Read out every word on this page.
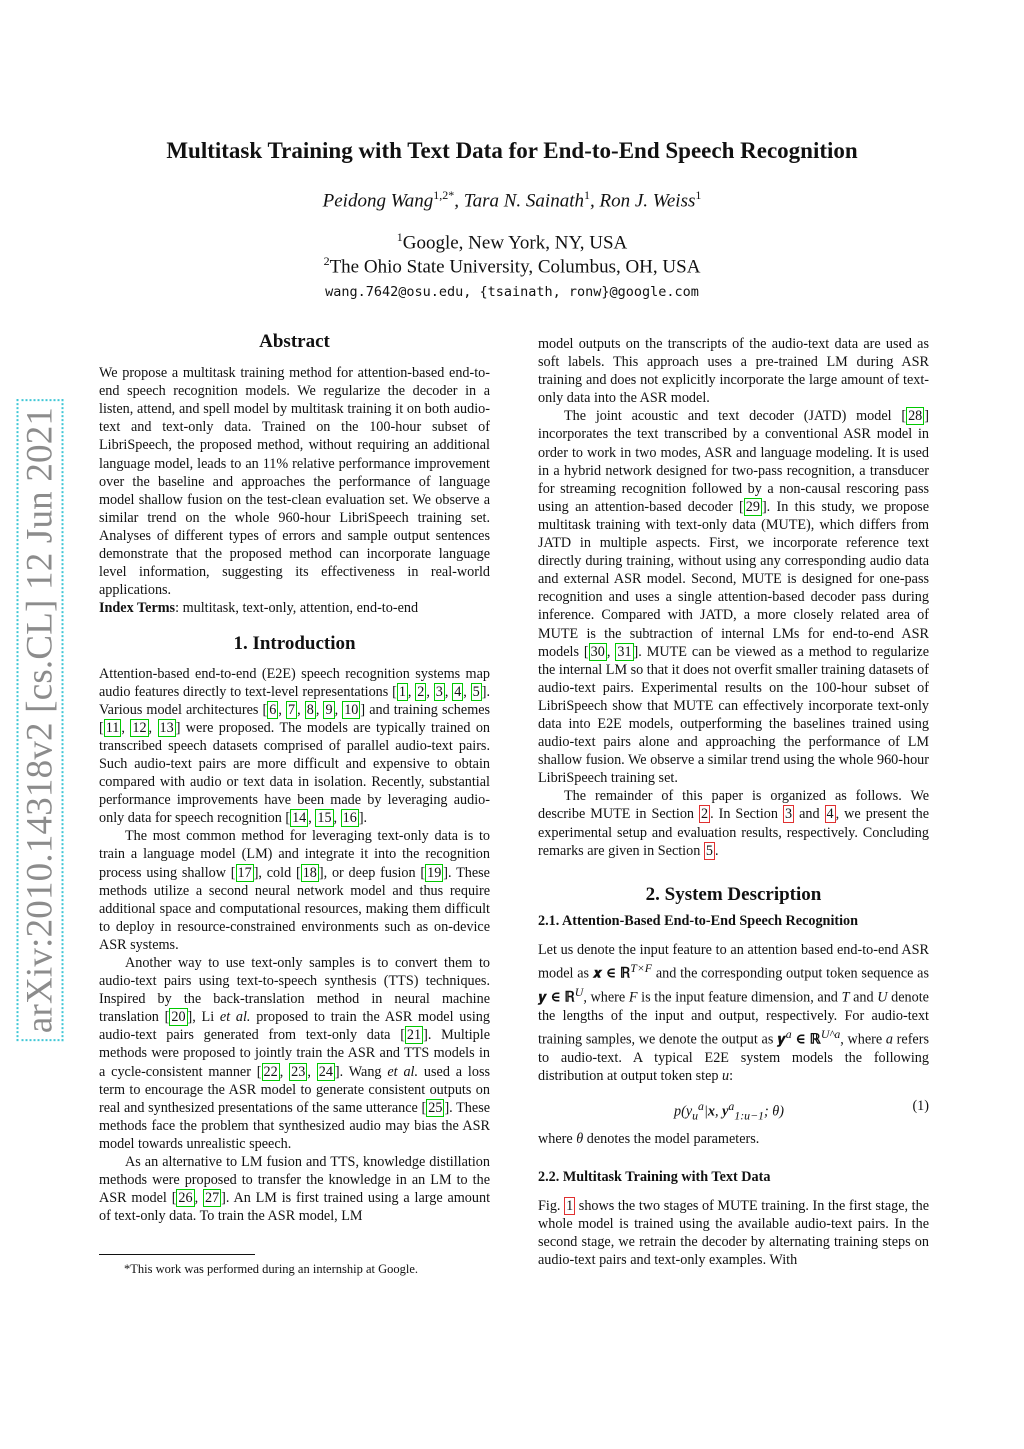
arXiv:2010.14318v2 [cs.CL] 12 Jun 2021
Multitask Training with Text Data for End-to-End Speech Recognition
Peidong Wang$^{1,2*}$, Tara N. Sainath$^1$, Ron J. Weiss$^1$
$^1$Google, New York, NY, USA
$^2$The Ohio State University, Columbus, OH, USA
wang.7642@osu.edu, {tsainath, ronw}@google.com
Abstract

We propose a multitask training method for attention-based end-to-end speech recognition models. We regularize the decoder in a listen, attend, and spell model by multitask training it on both audio-text and text-only data. Trained on the 100-hour subset of LibriSpeech, the proposed method, without requiring an additional language model, leads to an 11% relative performance improvement over the baseline and approaches the performance of language model shallow fusion on the test-clean evaluation set. We observe a similar trend on the whole 960-hour LibriSpeech training set. Analyses of different types of errors and sample output sentences demonstrate that the proposed method can incorporate language level information, suggesting its effectiveness in real-world applications.

Index Terms: multitask, text-only, attention, end-to-end

1. Introduction

Attention-based end-to-end (E2E) speech recognition systems map audio features directly to text-level representations [ 1 , 2 , 3 , 4 , 5 ]. Various model architectures [ 6 , 7 , 8 , 9 , 10 ] and training schemes [ 11 , 12 , 13 ] were proposed. The models are typically trained on transcribed speech datasets comprised of parallel audio-text pairs. Such audio-text pairs are more difficult and expensive to obtain compared with audio or text data in isolation. Recently, substantial performance improvements have been made by leveraging audio-only data for speech recognition [ 14 , 15 , 16 ].

The most common method for leveraging text-only data is to train a language model (LM) and integrate it into the recognition process using shallow [ 17 ], cold [ 18 ], or deep fusion [ 19 ]. These methods utilize a second neural network model and thus require additional space and computational resources, making them difficult to deploy in resource-constrained environments such as on-device ASR systems.

Another way to use text-only samples is to convert them to audio-text pairs using text-to-speech synthesis (TTS) techniques. Inspired by the back-translation method in neural machine translation [ 20 ], Li et al. proposed to train the ASR model using audio-text pairs generated from text-only data [ 21 ]. Multiple methods were proposed to jointly train the ASR and TTS models in a cycle-consistent manner [ 22 , 23 , 24 ]. Wang et al. used a loss term to encourage the ASR model to generate consistent outputs on real and synthesized presentations of the same utterance [ 25 ]. These methods face the problem that synthesized audio may bias the ASR model towards unrealistic speech.

As an alternative to LM fusion and TTS, knowledge distillation methods were proposed to transfer the knowledge in an LM to the ASR model [ 26 , 27 ]. An LM is first trained using a large amount of text-only data. To train the ASR model, LM

*This work was performed during an internship at Google.

model outputs on the transcripts of the audio-text data are used as soft labels. This approach uses a pre-trained LM during ASR training and does not explicitly incorporate the large amount of text-only data into the ASR model.

The joint acoustic and text decoder (JATD) model [ 28 ] incorporates the text transcribed by a conventional ASR model in order to work in two modes, ASR and language modeling. It is used in a hybrid network designed for two-pass recognition, a transducer for streaming recognition followed by a non-causal rescoring pass using an attention-based decoder [ 29 ]. In this study, we propose multitask training with text-only data (MUTE), which differs from JATD in multiple aspects. First, we incorporate reference text directly during training, without using any corresponding audio data and external ASR model. Second, MUTE is designed for one-pass recognition and uses a single attention-based decoder pass during inference. Compared with JATD, a more closely related area of MUTE is the subtraction of internal LMs for end-to-end ASR models [ 30 , 31 ]. MUTE can be viewed as a method to regularize the internal LM so that it does not overfit smaller training datasets of audio-text pairs. Experimental results on the 100-hour subset of LibriSpeech show that MUTE can effectively incorporate text-only data into E2E models, outperforming the baselines trained using audio-text pairs alone and approaching the performance of LM shallow fusion. We observe a similar trend using the whole 960-hour LibriSpeech training set.

The remainder of this paper is organized as follows. We describe MUTE in Section 2 . In Section 3 and 4 , we present the experimental setup and evaluation results, respectively. Concluding remarks are given in Section 5 .

2. System Description
2.1. Attention-Based End-to-End Speech Recognition

Let us denote the input feature to an attention based end-to-end ASR model as 𝒙 ∈ ℝ$^{T\times F}$ and the corresponding output token sequence as 𝒚 ∈ ℝ$^U$, where F is the input feature dimension, and T and U denote the lengths of the input and output, respectively. For audio-text training samples, we denote the output as 𝒚$^a$ ∈ ℝ$^{U\^{}a}$, where a refers to audio-text. A typical E2E system models the following distribution at output token step u:

$p(y_u^a|x$, $y^a_{1:u-1}$; θ)	(1)

where θ denotes the model parameters.

2.2. Multitask Training with Text Data

Fig. 1 shows the two stages of MUTE training. In the first stage, the whole model is trained using the available audio-text pairs. In the second stage, we retrain the decoder by alternating training steps on audio-text pairs and text-only examples. With
